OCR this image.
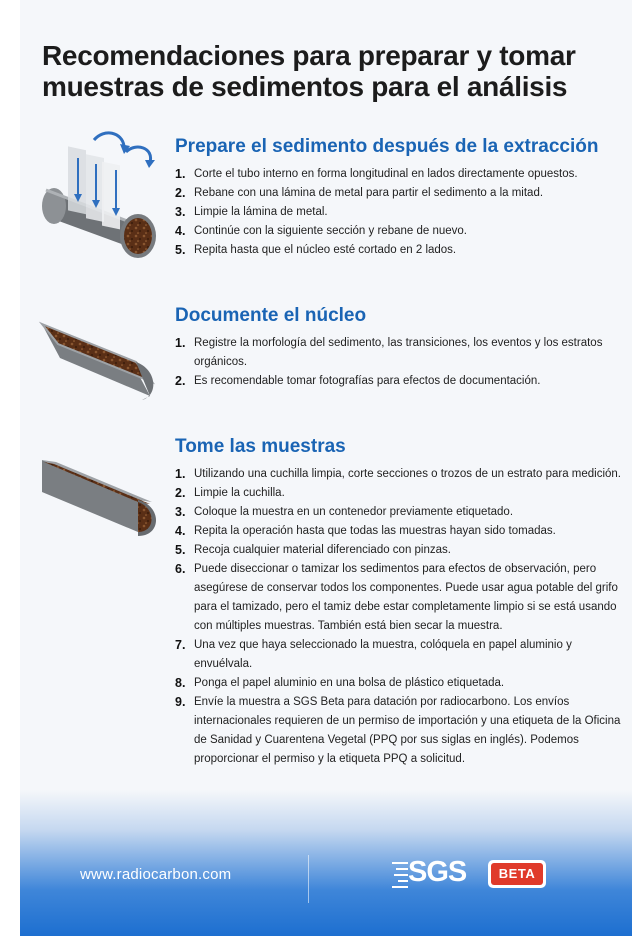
Recomendaciones para preparar y tomar muestras de sedimentos para el análisis
Prepare el sedimento después de la extracción
1. Corte el tubo interno en forma longitudinal en lados directamente opuestos.
2. Rebane con una lámina de metal para partir el sedimento a la mitad.
3. Limpie la lámina de metal.
4. Continúe con la siguiente sección y rebane de nuevo.
5. Repita hasta que el núcleo esté cortado en 2 lados.
Documente el núcleo
1. Registre la morfología del sedimento, las transiciones, los eventos y los estratos orgánicos.
2. Es recomendable tomar fotografías para efectos de documentación.
Tome las muestras
1. Utilizando una cuchilla limpia, corte secciones o trozos de un estrato para medición.
2. Limpie la cuchilla.
3. Coloque la muestra en un contenedor previamente etiquetado.
4. Repita la operación hasta que todas las muestras hayan sido tomadas.
5. Recoja cualquier material diferenciado con pinzas.
6. Puede diseccionar o tamizar los sedimentos para efectos de observación, pero asegúrese de conservar todos los componentes. Puede usar agua potable del grifo para el tamizado, pero el tamiz debe estar completamente limpio si se está usando con múltiples muestras. También está bien secar la muestra.
7. Una vez que haya seleccionado la muestra, colóquela en papel aluminio y envuélvala.
8. Ponga el papel aluminio en una bolsa de plástico etiquetada.
9. Envíe la muestra a SGS Beta para datación por radiocarbono. Los envíos internacionales requieren de un permiso de importación y una etiqueta de la Oficina de Sanidad y Cuarentena Vegetal (PPQ por sus siglas en inglés). Podemos proporcionar el permiso y la etiqueta PPQ a solicitud.
www.radiocarbon.com	SGS	BETA
